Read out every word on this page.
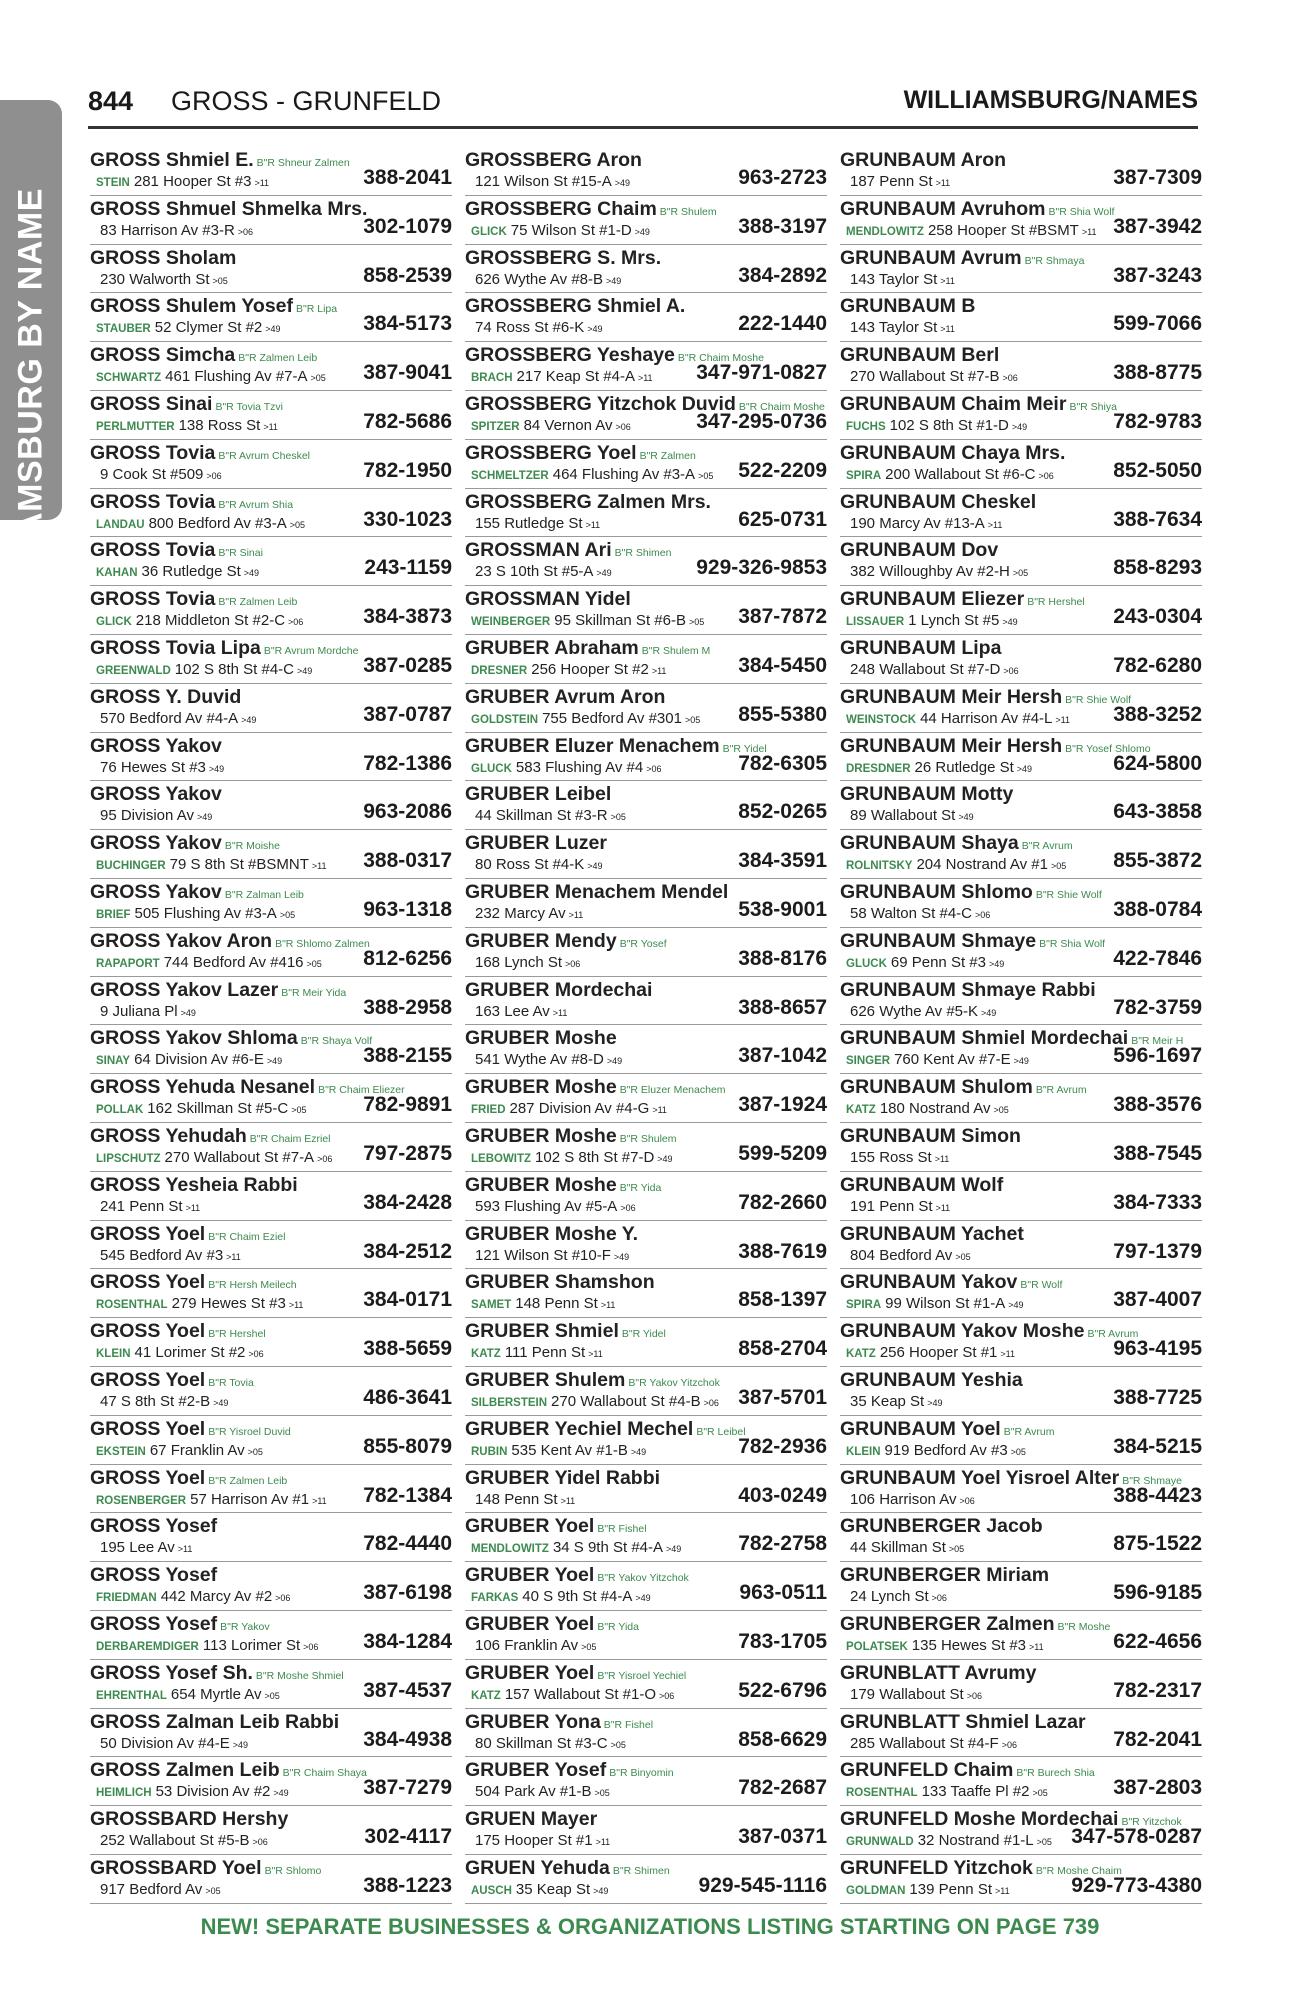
WILLIAMSBURG BY NAME
844 GROSS - GRUNFELD	WILLIAMSBURG/NAMES
GROSS Shmiel E. B"R Shneur Zalmen
STEIN 281 Hooper St #3 >11	388-2041
GROSS Shmuel Shmelka Mrs.
83 Harrison Av #3-R >06	302-1079
GROSS Sholam
230 Walworth St >05	858-2539
GROSS Shulem Yosef B"R Lipa
STAUBER 52 Clymer St #2 >49	384-5173
GROSS Simcha B"R Zalmen Leib
SCHWARTZ 461 Flushing Av #7-A >05 387-9041
GROSS Sinai B"R Tovia Tzvi
PERLMUTTER 138 Ross St >11	782-5686
GROSS Tovia B"R Avrum Cheskel
9 Cook St #509 >06	782-1950
GROSS Tovia B"R Avrum Shia
LANDAU 800 Bedford Av #3-A >05	330-1023
GROSS Tovia B"R Sinai
KAHAN 36 Rutledge St >49	243-1159
GROSS Tovia B"R Zalmen Leib
GLICK 218 Middleton St #2-C >06	384-3873
GROSS Tovia Lipa B"R Avrum Mordche
GREENWALD 102 S 8th St #4-C >49 387-0285
GROSS Y. Duvid
570 Bedford Av #4-A >49	387-0787
GROSS Yakov
76 Hewes St #3 >49	782-1386
GROSS Yakov
95 Division Av >49	963-2086
GROSS Yakov B"R Moishe
BUCHINGER 79 S 8th St #BSMNT >11 388-0317
GROSS Yakov B"R Zalman Leib
BRIEF 505 Flushing Av #3-A >05	963-1318
GROSS Yakov Aron B"R Shlomo Zalmen
RAPAPORT 744 Bedford Av #416 >05 812-6256
GROSS Yakov Lazer B"R Meir Yida
9 Juliana Pl >49	388-2958
GROSS Yakov Shloma B"R Shaya Volf
SINAY 64 Division Av #6-E >49	388-2155
GROSS Yehuda Nesanel B"R Chaim Eliezer
POLLAK 162 Skillman St #5-C >05	782-9891
GROSS Yehudah B"R Chaim Ezriel
LIPSCHUTZ 270 Wallabout St #7-A >06 797-2875
GROSS Yesheia Rabbi
241 Penn St >11	384-2428
GROSS Yoel B"R Chaim Eziel
545 Bedford Av #3 >11	384-2512
GROSS Yoel B"R Hersh Meilech
ROSENTHAL 279 Hewes St #3 >11	384-0171
GROSS Yoel B"R Hershel
KLEIN 41 Lorimer St #2 >06	388-5659
GROSS Yoel B"R Tovia
47 S 8th St #2-B >49	486-3641
GROSS Yoel B"R Yisroel Duvid
EKSTEIN 67 Franklin Av >05	855-8079
GROSS Yoel B"R Zalmen Leib
ROSENBERGER 57 Harrison Av #1 >11 782-1384
GROSS Yosef
195 Lee Av >11	782-4440
GROSS Yosef
FRIEDMAN 442 Marcy Av #2 >06	387-6198
GROSS Yosef B"R Yakov
DERBAREMDIGER 113 Lorimer St >06 384-1284
GROSS Yosef Sh. B"R Moshe Shmiel
EHRENTHAL 654 Myrtle Av >05	387-4537
GROSS Zalman Leib Rabbi
50 Division Av #4-E >49	384-4938
GROSS Zalmen Leib B"R Chaim Shaya
HEIMLICH 53 Division Av #2 >49	387-7279
GROSSBARD Hershy
252 Wallabout St #5-B >06	302-4117
GROSSBARD Yoel B"R Shlomo
917 Bedford Av >05	388-1223
GROSSBERG Aron
121 Wilson St #15-A >49	963-2723
GROSSBERG Chaim B"R Shulem
GLICK 75 Wilson St #1-D >49	388-3197
GROSSBERG S. Mrs.
626 Wythe Av #8-B >49	384-2892
GROSSBERG Shmiel A.
74 Ross St #6-K >49	222-1440
GROSSBERG Yeshaye B"R Chaim Moshe
BRACH 217 Keap St #4-A >11 347-971-0827
GROSSBERG Yitzchok Duvid B"R Chaim Moshe
SPITZER 84 Vernon Av >06	347-295-0736
GROSSBERG Yoel B"R Zalmen
SCHMELTZER 464 Flushing Av #3-A >05 522-2209
GROSSBERG Zalmen Mrs.
155 Rutledge St >11	625-0731
GROSSMAN Ari B"R Shimen
23 S 10th St #5-A >49	929-326-9853
GROSSMAN Yidel
WEINBERGER 95 Skillman St #6-B >05 387-7872
GRUBER Abraham B"R Shulem M
DRESNER 256 Hooper St #2 >11	384-5450
GRUBER Avrum Aron
GOLDSTEIN 755 Bedford Av #301 >05 855-5380
GRUBER Eluzer Menachem B"R Yidel
GLUCK 583 Flushing Av #4 >06	782-6305
GRUBER Leibel
44 Skillman St #3-R >05	852-0265
GRUBER Luzer
80 Ross St #4-K >49	384-3591
GRUBER Menachem Mendel
232 Marcy Av >11	538-9001
GRUBER Mendy B"R Yosef
168 Lynch St >06	388-8176
GRUBER Mordechai
163 Lee Av >11	388-8657
GRUBER Moshe
541 Wythe Av #8-D >49	387-1042
GRUBER Moshe B"R Eluzer Menachem
FRIED 287 Division Av #4-G >11	387-1924
GRUBER Moshe B"R Shulem
LEBOWITZ 102 S 8th St #7-D >49	599-5209
GRUBER Moshe B"R Yida
593 Flushing Av #5-A >06	782-2660
GRUBER Moshe Y.
121 Wilson St #10-F >49	388-7619
GRUBER Shamshon
SAMET 148 Penn St >11	858-1397
GRUBER Shmiel B"R Yidel
KATZ 111 Penn St >11	858-2704
GRUBER Shulem B"R Yakov Yitzchok
SILBERSTEIN 270 Wallabout St #4-B >06 387-5701
GRUBER Yechiel Mechel B"R Leibel
RUBIN 535 Kent Av #1-B >49	782-2936
GRUBER Yidel Rabbi
148 Penn St >11	403-0249
GRUBER Yoel B"R Fishel
MENDLOWITZ 34 S 9th St #4-A >49	782-2758
GRUBER Yoel B"R Yakov Yitzchok
FARKAS 40 S 9th St #4-A >49	963-0511
GRUBER Yoel B"R Yida
106 Franklin Av >05	783-1705
GRUBER Yoel B"R Yisroel Yechiel
KATZ 157 Wallabout St #1-O >06	522-6796
GRUBER Yona B"R Fishel
80 Skillman St #3-C >05	858-6629
GRUBER Yosef B"R Binyomin
504 Park Av #1-B >05	782-2687
GRUEN Mayer
175 Hooper St #1 >11	387-0371
GRUEN Yehuda B"R Shimen
AUSCH 35 Keap St >49	929-545-1116
GRUNBAUM Aron
187 Penn St >11	387-7309
GRUNBAUM Avruhom B"R Shia Wolf
MENDLOWITZ 258 Hooper St #BSMT >11 387-3942
GRUNBAUM Avrum B"R Shmaya
143 Taylor St >11	387-3243
GRUNBAUM B
143 Taylor St >11	599-7066
GRUNBAUM Berl
270 Wallabout St #7-B >06	388-8775
GRUNBAUM Chaim Meir B"R Shiya
FUCHS 102 S 8th St #1-D >49	782-9783
GRUNBAUM Chaya Mrs.
SPIRA 200 Wallabout St #6-C >06	852-5050
GRUNBAUM Cheskel
190 Marcy Av #13-A >11	388-7634
GRUNBAUM Dov
382 Willoughby Av #2-H >05	858-8293
GRUNBAUM Eliezer B"R Hershel
LISSAUER 1 Lynch St #5 >49	243-0304
GRUNBAUM Lipa
248 Wallabout St #7-D >06	782-6280
GRUNBAUM Meir Hersh B"R Shie Wolf
WEINSTOCK 44 Harrison Av #4-L >11 388-3252
GRUNBAUM Meir Hersh B"R Yosef Shlomo
DRESDNER 26 Rutledge St >49	624-5800
GRUNBAUM Motty
89 Wallabout St >49	643-3858
GRUNBAUM Shaya B"R Avrum
ROLNITSKY 204 Nostrand Av #1 >05 855-3872
GRUNBAUM Shlomo B"R Shie Wolf
58 Walton St #4-C >06	388-0784
GRUNBAUM Shmaye B"R Shia Wolf
GLUCK 69 Penn St #3 >49	422-7846
GRUNBAUM Shmaye Rabbi
626 Wythe Av #5-K >49	782-3759
GRUNBAUM Shmiel Mordechai B"R Meir H
SINGER 760 Kent Av #7-E >49	596-1697
GRUNBAUM Shulom B"R Avrum
KATZ 180 Nostrand Av >05	388-3576
GRUNBAUM Simon
155 Ross St >11	388-7545
GRUNBAUM Wolf
191 Penn St >11	384-7333
GRUNBAUM Yachet
804 Bedford Av >05	797-1379
GRUNBAUM Yakov B"R Wolf
SPIRA 99 Wilson St #1-A >49	387-4007
GRUNBAUM Yakov Moshe B"R Avrum
KATZ 256 Hooper St #1 >11	963-4195
GRUNBAUM Yeshia
35 Keap St >49	388-7725
GRUNBAUM Yoel B"R Avrum
KLEIN 919 Bedford Av #3 >05	384-5215
GRUNBAUM Yoel Yisroel Alter B"R Shmaye
106 Harrison Av >06	388-4423
GRUNBERGER Jacob
44 Skillman St >05	875-1522
GRUNBERGER Miriam
24 Lynch St >06	596-9185
GRUNBERGER Zalmen B"R Moshe
POLATSEK 135 Hewes St #3 >11	622-4656
GRUNBLATT Avrumy
179 Wallabout St >06	782-2317
GRUNBLATT Shmiel Lazar
285 Wallabout St #4-F >06	782-2041
GRUNFELD Chaim B"R Burech Shia
ROSENTHAL 133 Taaffe Pl #2 >05	387-2803
GRUNFELD Moshe Mordechai B"R Yitzchok
GRUNWALD 32 Nostrand #1-L >05 347-578-0287
GRUNFELD Yitzchok B"R Moshe Chaim
GOLDMAN 139 Penn St >11	929-773-4380
NEW! SEPARATE BUSINESSES & ORGANIZATIONS LISTING STARTING ON PAGE 739
